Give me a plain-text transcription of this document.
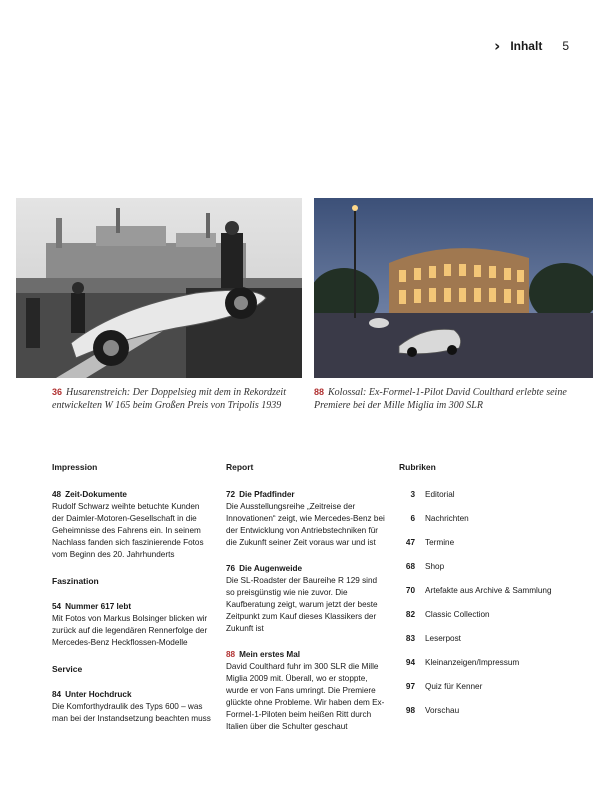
› Inhalt 5
36 Husarenstreich: Der Doppelsieg mit dem in Rekordzeit entwickelten W 165 beim Großen Preis von Tripolis 1939
88 Kolossal: Ex-Formel-1-Pilot David Coulthard erlebte seine Premiere bei der Mille Miglia im 300 SLR
Impression
48 Zeit-Dokumente
Rudolf Schwarz weihte betuchte Kunden der Daimler-Motoren-Gesellschaft in die Geheimnisse des Fahrens ein. In seinem Nachlass fanden sich faszinierende Fotos vom Beginn des 20. Jahrhunderts
Faszination
54 Nummer 617 lebt
Mit Fotos von Markus Bolsinger blicken wir zurück auf die legendären Rennerfolge der Mercedes-Benz Heckflossen-Modelle
Service
84 Unter Hochdruck
Die Komforthydraulik des Typs 600 – was man bei der Instandsetzung beachten muss
Report
72 Die Pfadfinder
Die Ausstellungsreihe „Zeitreise der Innovationen“ zeigt, wie Mercedes-Benz bei der Entwicklung von Antriebstechniken für die Zukunft seiner Zeit voraus war und ist
76 Die Augenweide
Die SL-Roadster der Baureihe R 129 sind so preisgünstig wie nie zuvor. Die Kaufberatung zeigt, warum jetzt der beste Zeitpunkt zum Kauf dieses Klassikers der Zukunft ist
88 Mein erstes Mal
David Coulthard fuhr im 300 SLR die Mille Miglia 2009 mit. Überall, wo er stoppte, wurde er von Fans umringt. Die Premiere glückte ohne Probleme. Wir haben dem Ex-Formel-1-Piloten beim heißen Ritt durch Italien über die Schulter geschaut
Rubriken
3 Editorial
6 Nachrichten
47 Termine
68 Shop
70 Artefakte aus Archive & Sammlung
82 Classic Collection
83 Leserpost
94 Kleinanzeigen/Impressum
97 Quiz für Kenner
98 Vorschau
